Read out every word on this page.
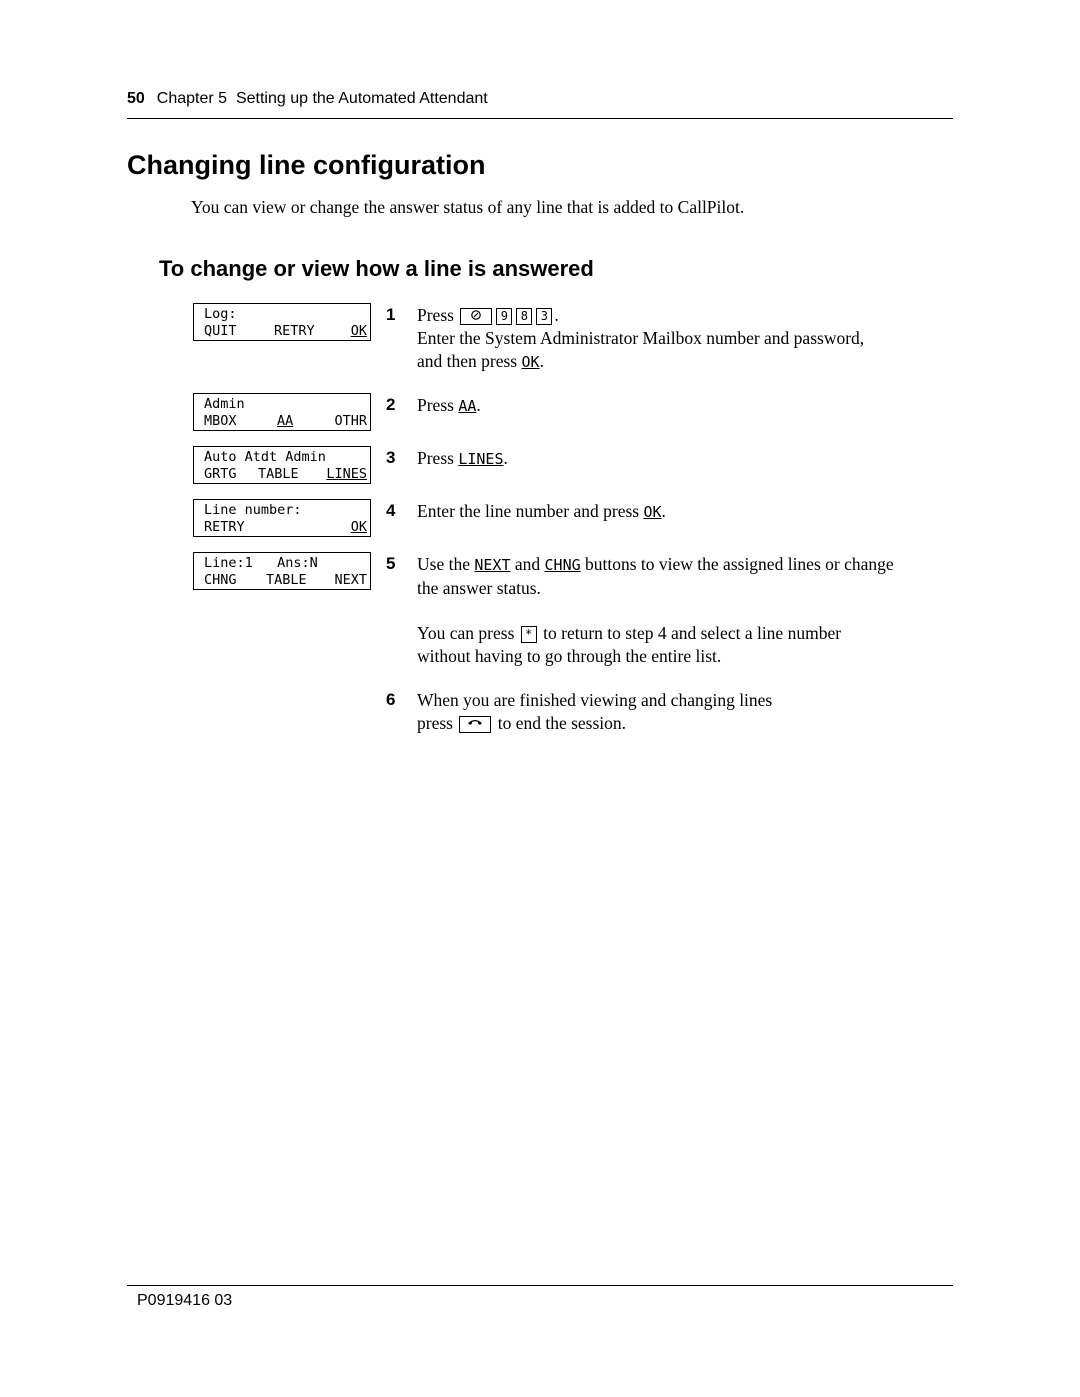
50 Chapter 5  Setting up the Automated Attendant
Changing line configuration

You can view or change the answer status of any line that is added to CallPilot.

To change or view how a line is answered
Log:
QUIT	RETRY	OK
Admin
MBOX	AA	OTHR
Auto Atdt Admin
GRTG TABLE LINES
Line number:
RETRY	OK
Line:1   Ans:N
CHNG TABLE NEXT
1 Press	9 8 3 .
Enter the System Administrator Mailbox number and password,
and then press OK.
2 Press AA.
3 Press LINES.
4 Enter the line number and press OK.
5 Use the NEXT and CHNG buttons to view the assigned lines or change
the answer status.
You can press * to return to step 4 and select a line number
without having to go through the entire list.
6 When you are finished viewing and changing lines
press	to end the session.
P0919416 03
